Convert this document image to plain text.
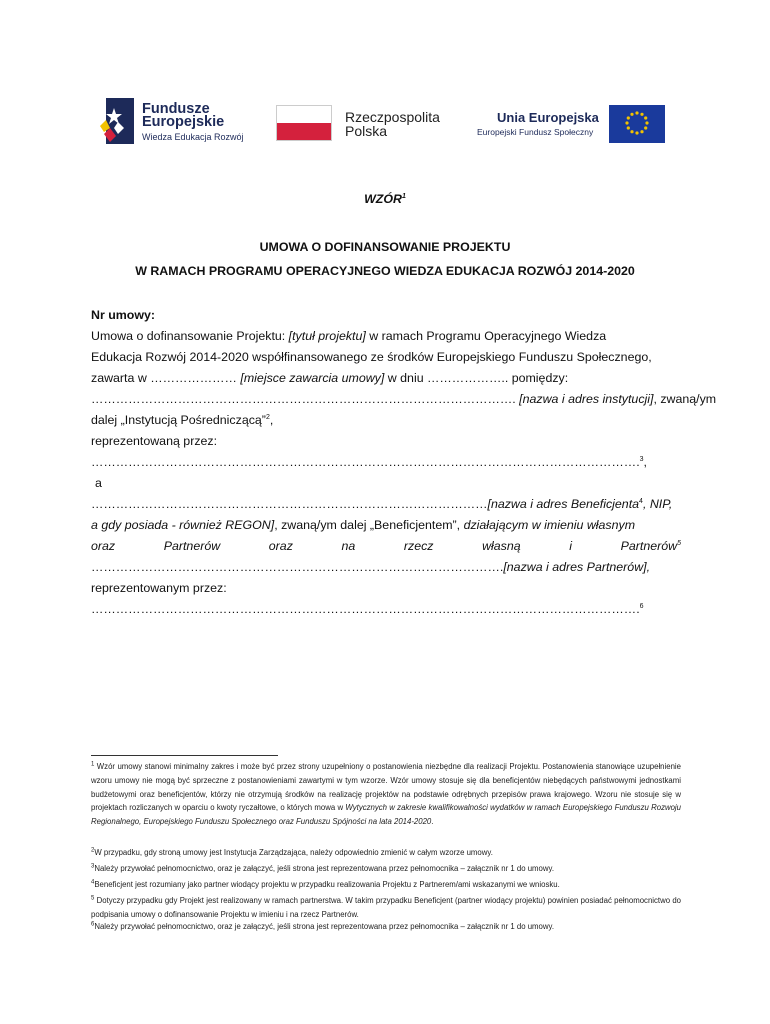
Fundusze
Europejskie
Wiedza Edukacja Rozwój
Rzeczpospolita
Polska
Unia Europejska
Europejski Fundusz Społeczny
WZÓR$^1$
UMOWA O DOFINANSOWANIE PROJEKTU
W RAMACH PROGRAMU OPERACYJNEGO WIEDZA EDUKACJA ROZWÓJ 2014-2020
Nr umowy:
Umowa o dofinansowanie Projektu: [tytuł projektu] w ramach Programu Operacyjnego Wiedza
Edukacja Rozwój 2014-2020 współfinansowanego ze środków Europejskiego Funduszu Społecznego,
zawarta w ………………… [miejsce zawarcia umowy] w dniu ……………….. pomiędzy:
…………………………………………………………………………………………. [nazwa i adres instytucji], zwaną/ym
dalej „Instytucją Pośredniczącą”$^2$,
reprezentowaną przez:
…………………………………………………………………………………………………………………….$^3$,
a
……………………………………………………………………………………[nazwa i adres Beneficjenta$^4$, NIP,
a gdy posiada - również REGON], zwaną/ym dalej „Beneficjentem”, działającym w imieniu własnym
oraz	Partnerów	oraz	na	rzecz	własną	i	Partnerów$^5$
……………………………………………………………………………………….[nazwa i adres Partnerów],
reprezentowanym przez:
…………………………………………………………………………………………………………………….$^6$
$^1$ Wzór umowy stanowi minimalny zakres i może być przez strony uzupełniony o postanowienia niezbędne dla realizacji Projektu. Postanowienia stanowiące uzupełnienie wzoru umowy nie mogą być sprzeczne z postanowieniami zawartymi w tym wzorze. Wzór umowy stosuje się dla beneficjentów niebędących państwowymi jednostkami budżetowymi oraz beneficjentów, którzy nie otrzymują środków na realizację projektów na podstawie odrębnych przepisów prawa krajowego. Wzoru nie stosuje się w projektach rozliczanych w oparciu o kwoty ryczałtowe, o których mowa w Wytycznych w zakresie kwalifikowalności wydatków w ramach Europejskiego Funduszu Rozwoju Regionalnego, Europejskiego Funduszu Społecznego oraz Funduszu Spójności na lata 2014-2020.
$^2$W przypadku, gdy stroną umowy jest Instytucja Zarządzająca, należy odpowiednio zmienić w całym wzorze umowy.
$^3$Należy przywołać pełnomocnictwo, oraz je załączyć, jeśli strona jest reprezentowana przez pełnomocnika – załącznik nr 1 do umowy.
$^4$Beneficjent jest rozumiany jako partner wiodący projektu w przypadku realizowania Projektu z Partnerem/ami wskazanymi we wniosku.
$^5$ Dotyczy przypadku gdy Projekt jest realizowany w ramach partnerstwa. W takim przypadku Beneficjent (partner wiodący projektu) powinien posiadać pełnomocnictwo do podpisania umowy o dofinansowanie Projektu w imieniu i na rzecz Partnerów.
$^6$Należy przywołać pełnomocnictwo, oraz je załączyć, jeśli strona jest reprezentowana przez pełnomocnika – załącznik nr 1 do umowy.
